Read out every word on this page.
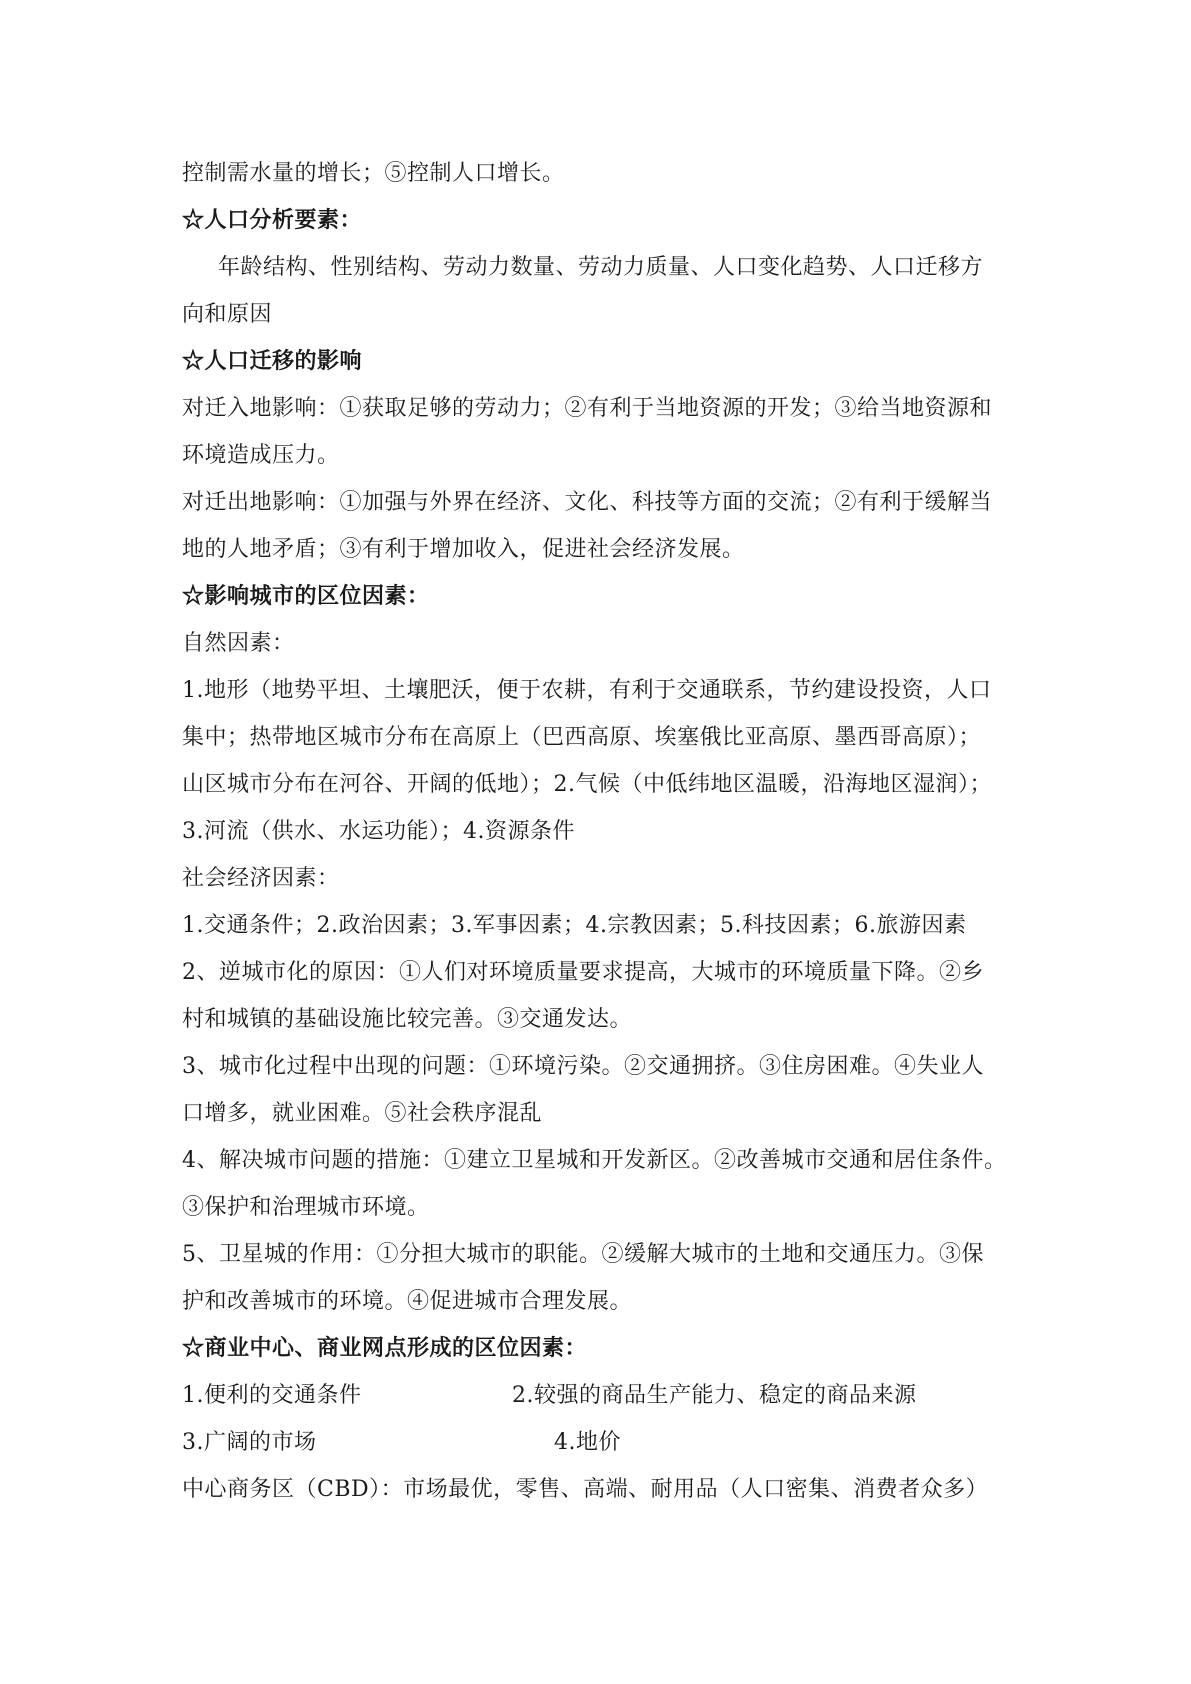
控制需水量的增长；⑤控制人口增长。
☆人口分析要素：
年龄结构、性别结构、劳动力数量、劳动力质量、人口变化趋势、人口迁移方
向和原因
☆人口迁移的影响
对迁入地影响：①获取足够的劳动力；②有利于当地资源的开发；③给当地资源和
环境造成压力。
对迁出地影响：①加强与外界在经济、文化、科技等方面的交流；②有利于缓解当
地的人地矛盾；③有利于增加收入，促进社会经济发展。
☆影响城市的区位因素：
自然因素：
1.地形（地势平坦、土壤肥沃，便于农耕，有利于交通联系，节约建设投资，人口
集中；热带地区城市分布在高原上（巴西高原、埃塞俄比亚高原、墨西哥高原）；
山区城市分布在河谷、开阔的低地）；2.气候（中低纬地区温暖，沿海地区湿润）；
3.河流（供水、水运功能）；4.资源条件
社会经济因素：
1.交通条件；2.政治因素；3.军事因素；4.宗教因素；5.科技因素；6.旅游因素
2、逆城市化的原因：①人们对环境质量要求提高，大城市的环境质量下降。②乡
村和城镇的基础设施比较完善。③交通发达。
3、城市化过程中出现的问题：①环境污染。②交通拥挤。③住房困难。④失业人
口增多，就业困难。⑤社会秩序混乱
4、解决城市问题的措施：①建立卫星城和开发新区。②改善城市交通和居住条件。
③保护和治理城市环境。
5、卫星城的作用：①分担大城市的职能。②缓解大城市的土地和交通压力。③保
护和改善城市的环境。④促进城市合理发展。
☆商业中心、商业网点形成的区位因素：
1.便利的交通条件	2.较强的商品生产能力、稳定的商品来源
3.广阔的市场	4.地价
中心商务区（CBD）：市场最优，零售、高端、耐用品（人口密集、消费者众多）
